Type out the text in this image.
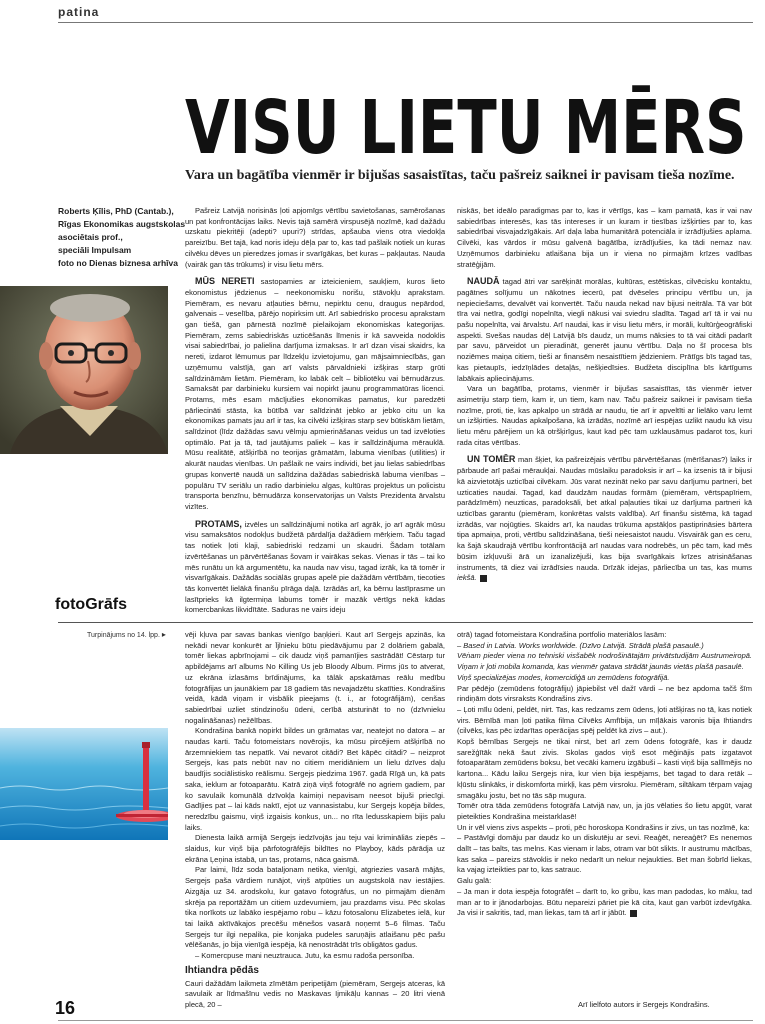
patina
VISU LIETU MĒRS
Vara un bagātība vienmēr ir bijušas sasaistītas, taču pašreiz saiknei ir pavisam tieša nozīme.
Roberts Ķīlis, PhD (Cantab.),
Rīgas Ekonomikas augstskolas
asociētais prof.,
speciāli Impulsam
foto no Dienas biznesa arhīva

Pašreiz Latvijā norisinās ļoti apjomīgs vērtību savietošanas, samērošanas un pat konfrontācijas laiks. Nevis tajā samērā virspusējā nozīmē, kad dažādu uzskatu piekritēji (adepti? upuri?) strīdas, apšauba viens otra viedokļa pareizību. Bet tajā, kad noris ideju dēļa par to, kas tad pašlaik notiek un kuras cilvēku dēves un pieredzes jomas ir svarīgākas, bet kuras – pakļautas. Nauda (vairāk gan tās trūkums) ir visu lietu mērs.

MŪS NERETI sastopamies ar izteicieniem, saukļiem, kuros lieto ekonomistus jēdzienus – neekonomisku norišu, stāvokļu aprakstam. Piemēram, es nevaru atļauties bērnu, nepirktu cenu, draugus nepārdod, galvenais – veselība, pārējo nopirksim utt. Arī sabiedrisko procesu aprakstam gan tiešā, gan pārnestā nozīmē pielaikojam ekonomiskas kategorijas. Piemēram, zems sabiedriskās uzticēšanās līmenis ir kā savveida nodoklis visai sabiedrībai, jo palielina darījuma izmaksas. Ir arī dzan visai skaidrs, ka nereti, izdarot lēmumus par līdzekļu izvietojumu, gan mājsaimniecībās, gan uzņēmumu valstījā, gan arī valsts pārvaldnieki izšķiras starp grūti salīdzināmām lietām. Piemēram, ko labāk celt – bibliotēku vai bērnudārzus. Samaksāt par darbinieku kursiem vai nopirkt jaunu programmatūras licenci. Protams, mēs esam mācījušies ekonomikas pamatus, kur paredzēti pārliecināti stāsta, ka būtībā var salīdzināt jebko ar jebko citu un ka ekonomikas pamats jau arī ir tas, ka cilvēki izšķiras starp sev būtiskām lietām, salīdzinot (līdz dažādas savu vēlmju apmierināšanas veidus un tad izvēloties optimālo. Pat ja tā, tad jautājums paliek – kas ir salīdzinājuma mērauklā. Mūsu realitātē, atšķirībā no teorijas grāmatām, labuma vienības (utilities) ir akurāt naudas vienības. Un pašlaik ne vairs individi, bet jau lielas sabiedrības grupas konvertē naudā un salīdzina dažādas sabiedriskā labuma vienības – populāru TV seriālu un radio darbinieku algas, kultūras projektus un policistu transporta benzīnu, bērnudārza konservatorijas un Valsts Prezidenta ārvalstu vizītes.

PROTAMS, izvēles un salīdzinājumi notika arī agrāk, jo arī agrāk mūsu visu samaksātos nodokļus budžetā pārdalīja dažādiem mērķiem. Taču tagad tas notiek ļoti klaji, sabiedriski redzami un skaudri. Šādam totālam izvērtēšanas un pārvērtēšanas šovam ir vairākas sekas. Vienas ir tās – tai ko mēs runātu un kā argumentētu, ka nauda nav visu, tagad izrāk, ka tā tomēr ir visvarīgākais. Dažādās sociālās grupas apelē pie dažādām vērtībām, tiecoties tās konvertēt lielākā finanšu pīrāga daļā. Izrādās arī, ka bērnu lastīprasme un lasītprieks kā ilgtermiņa labums tomēr ir mazāk vērtīgs nekā kādas komercbankas likvidītāte. Saduras ne vairs ideju

niskās, bet ideālo paradigmas par to, kas ir vērtīgs, kas – kam pamatā, kas ir vai nav sabiedrības interesēs, kas tās intereses ir un kuram ir tiesības izšķirties par to, kas sabiedrībai visvajadzīgākais. Arī daļa laba humanitārā potenciāla ir izrādījušies aplama. Cilvēki, kas vārdos ir mūsu galvenā bagātība, izrādījušies, ka tādi nemaz nav. Uzņēmumos darbinieku atlaišana bija un ir viena no pirmajām krīzes vadības stratēģijām.

NAUDĀ tagad ātri var sarēķināt morālas, kultūras, estētiskas, cilvēcisku kontaktu, pagātnes solījumu un nākotnes iecerū, pat dvēseles principu vērtību un, ja nepieciešams, devalvēt vai konvertēt. Taču nauda nekad nav bijusi neitrāla. Tā var būt tīra vai netīra, godīgi nopelnīta, viegli nākusi vai sviedru sladīta. Tagad arī tā ir vai nu pašu nopelnīta, vai ārvalstu. Arī naudai, kas ir visu lietu mērs, ir morāli, kultūrģeogrāfiski aspekti. Svešas naudas dēļ Latvijā bīs daudz, un mums nāksies to tā vai citādi padarīt par savu, pārveidot un pieradināt, generēt jaunu vērtību. Daļa no šī procesa bīs noziēmes maiņa citiem, tieši ar finansēm nesaistītiem jēdzieniem. Prātīgs bīs tagad tas, kas pietaupīs, iedzīņlādes detaļās, nešķiedīsies. Budžeta disciplīna bīs kārtīgums labākais apliecinājums.

Vara un bagātība, protams, vienmēr ir bijušas sasaistītas, tās vienmēr ietver asimetriju starp tiem, kam ir, un tiem, kam nav. Taču pašreiz saiknei ir pavisam tieša nozīme, proti, tie, kas apkalpo un strādā ar naudu, tie arī ir apveltīti ar lielāko varu lemt un izšķirties. Naudas apkalpošana, kā izrādās, nozīmē arī iespējas uzlikt naudu kā visu lietu mēru pārējiem un kā otršķirīgus, kaut kad pēc tam uzklausāmus padarot tos, kuri rada citas vērtības.

UN TOMĒR man šķiet, ka pašreizējais vērtību pārvērtēšanas (mērīšanas?) laiks ir pārbaude arī pašai mēraukļai. Naudas mūslaiku paradoksis ir arī – ka izsenis tā ir bijusi kā aizvietotājs uzticībai cilvēkam. Jūs varat nezināt neko par savu darījumu partneri, bet uzticaties naudai. Tagad, kad daudzām naudas formām (piemēram, vērtspapīriem, parādzīmēm) neuzticas, paradoksāli, bet atkal paļauties tikai uz darījuma partneri kā uzticības garantu (piemēram, konkrētas valsts valdība). Arī finanšu sistēma, kā tagad izrādās, var nojūgties. Skaidrs arī, ka naudas trūkuma apstākļos pastiprināsies bārtera tipa apmaiņa, proti, vērtību salīdzināšana, tieši neiesaistot naudu. Visvairāk gan es ceru, ka šajā skaudrajā vērtību konfrontācijā arī naudas vara nodrebēs, un pēc tam, kad mēs būsim izkļuvuši ārā un izanalizējuši, kas bija svarīgākais krīzes atrisināšanas instruments, tā diez vai izrādīsies nauda. Drīzāk idejas, pārliecība un tas, kas mums iekšā.

fotoGrāfs
Turpinājums no 14. lpp. ▸	vēji kļuva par savas bankas vienīgo baņķieri. Kaut arī Sergejs apzinās, ka nekādi nevar konkurēt ar Ījlnieku būtu piedāvājumu par 2 dolāriem gabalā, tomēr liekas apbrīnojami – cik daudz viņš pamanījies sastrādāt! Cēstarp tur apbildējams arī albums No Killing Us jeb Bloody Album. Pirms jūs to atverat, uz ekrāna izlasāms brīdinājums, ka tālāk apskatāmas reālu medību fotogrāfijas un jaunākiem par 18 gadiem tās nevajadzētu skatīties. Kondrašins veidā, kādā viņam ir visbālik pieejams (t. i., ar fotogrāfijām), cenšas sabiedrībai uzliet stindzinošu ūdeni, cerībā atsturināt to no (dzīvnieku nogalināšanas) nežēlības.

Kondrašina bankā nopirkt bildes un grāmatas var, neatejot no datora – ar naudas karti. Taču fotomeistars novērojis, ka mūsu pircējiem atšķirībā no ārzemniekiem tas nepatīk. Vai nevarot citādi? Bet kāpēc citādi? – neizprot Sergejs, kas pats nebūt nav no citiem meridiāniem un lielu dzīves daļu baudījis sociālistisko reālismu. Sergejs piedzima 1967. gadā Rīgā un, kā pats saka, ieklum ar fotoaparātu. Katrā ziņā viņš fotogrāfē no agriem gadiem, par ko savulaik komunālā dzīvokļa kaimiņi nepavisam neesot bijuši priecīgi. Gadījies pat – lai kāds naktī, ejot uz vannasistabu, kur Sergejs kopēja bildes, neredzību gaismu, viņš izgaisis konkus, un... no rīta ledusskapiem bijis palu laiks.

Dienesta laikā armijā Sergejs iedzīvojās jau teju vai krimināliās ziepēs – slaidus, kur viņš bija pārfotogrāfējis bildītes no Playboy, kāds pārādja uz ekrāna Ļeņina istabā, un tas, protams, nāca gaismā.

Par laimi, līdz soda bataljonam netika, vienīgi, atgriezies vasarā mājās, Sergejs paša vārdiem runājot, viņš atpūties un augstskolā nav iestājies. Aizgāja uz 34. arodskolu, kur gatavo fotogrāfus, un no pirmajām dienām skrēja pa reportāžām un citiem uzdevumiem, jau prazdams visu. Pēc skolas tika norīkots uz labāko iespējamo robu – kāzu fotosalonu Elizabetes ielā, kur tai laikā aktīvākajos precēšu mēnešos vasarā noņemt 5–6 filmas. Taču Sergejs tur ilgi nepalika, pie konjaka pudeles saruņājis atlaišanu pēc pašu vēlēšanās, jo bija vienīgā iespēja, kā nenostrādāt trīs obligātos gadus.

– Komercpuse mani neuztrauca. Jutu, ka esmu radoša personība.

Ihtiandra pēdās

Cauri dažādām laikmeta zīmētām peripetijām (piemēram, Sergejs atceras, kā savulaik ar līdmašīnu vedis no Maskavas Ijmikāļu kannas – 20 litri vienā plecā, 20 –

otrā) tagad fotomeistara Kondrašina portfolio materiālos lasām:

– Based in Latvia. Works worldwide. (Dzīvo Latvijā. Strādā plašā pasaulē.)

Vēṅam pieder viena no tehniski visšabēk nodrošinātajām privātstudijām Austrumeiropā. Viņam ir ļoti mobila komanda, kas vienmēr gatava strādāt jaunās vietās plašā pasaulē.

Viņš specializējas modes, komercidiģā un zemūdens fotogrāfijā.

Par pēdējo (zemūdens fotogrāfiju) jāpiebilst vēl dažī vārdi – ne bez apdoma tačš šīm rindiņām dots virsraksts Kondrašins zivs.

– Ļoti mīlu ūdeni, peldēt, nirt. Tas, kas redzams zem ūdens, ļoti atšķiras no tā, kas notiek virs. Bērnībā man ļoti patika filma Cilvēks Amfībija, un mīļākais varonis bija Ihtiandrs (cilvēks, kas pēc izdarītas operācijas spēj peldēt kā zivs – aut.).

Kopš bērnības Sergejs ne tikai nirst, bet arī zem ūdens fotogrāfē, kas ir daudz sarežģītāk nekā šaut zivis. Skolas gados viņš esot mēģinājis pats izgatavot fotoaparātam zemūdens boksu, bet vecāki kameru izgābuši – kasti viņš bija sallīmējis no kartona... Kādu laiku Sergejs nira, kur vien bija iespējams, bet tagad to dara retāk – kļūstu slinkāks, ir diskomforta mirkļi, kas pēm virsroku. Piemēram, siltākam tērpam vajag smagāku jostu, bet no tās sāp mugura.

Tomēr otra tāda zemūdens fotogrāfa Latvijā nav, un, ja jūs vēlaties šo lietu apgūt, varat pieteikties Kondrašina meistarklasē!

Un ir vēl viens zivs aspekts – proti, pēc horoskopa Kondrašins ir zivs, un tas nozīmē, ka:

– Pastāvīgi domāju par daudz ko un diskutēju ar sevi. Reaģēt, nereaģēt? Es nenemos dalīt – tas balts, tas melns. Kas vienam ir labs, otram var būt slikts. Ir austrumu mācības, kas saka – pareizs stāvoklis ir neko nedarīt un nekur nejaukties. Bet man šobrīd liekas, ka vajag izteikties par to, kas satrauc.

Galu galā:

– Ja man ir dota iespēja fotogrāfēt – darīt to, ko gribu, kas man padodas, ko māku, tad man ar to ir jānodarbojas. Būtu nepareizi pāriet pie kā cita, kaut gan varbūt izdevīgāka. Ja visi ir sakritis, tad, man liekas, tam tā arī ir jābūt.

Arī lielfoto autors ir Sergejs Kondrašins.
16
